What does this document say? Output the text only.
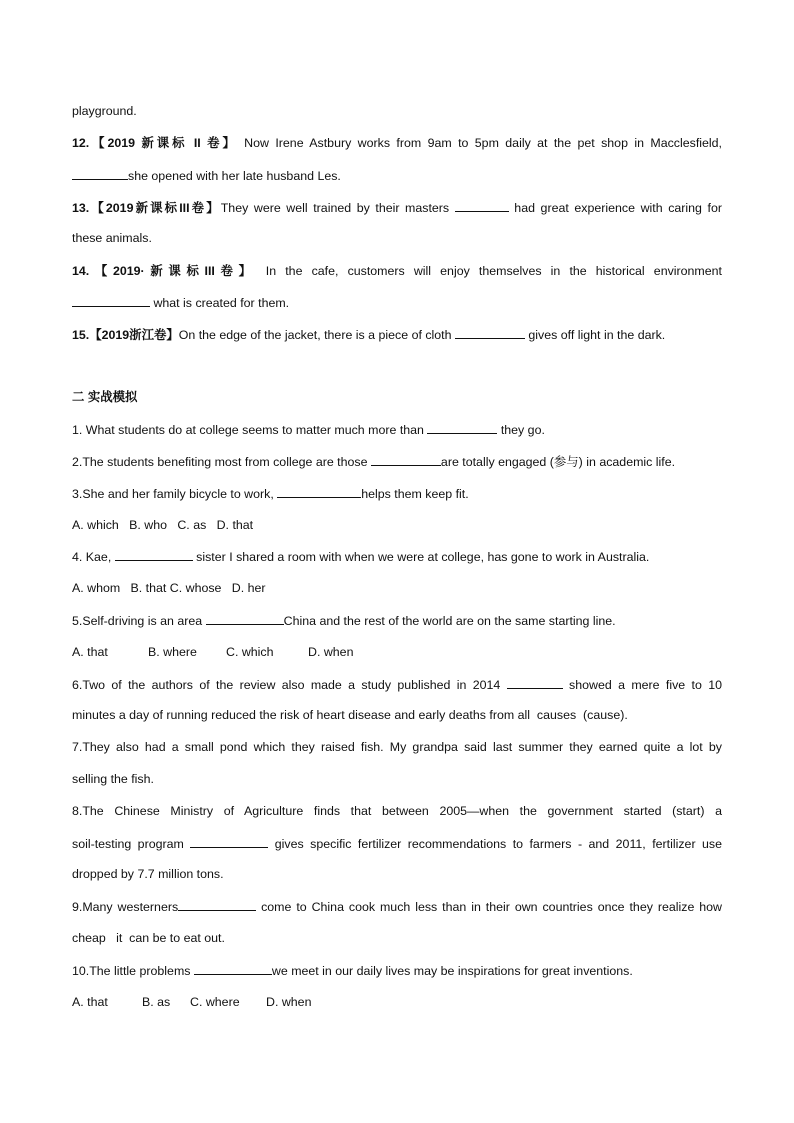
playground.
12.【2019 新课标 II 卷】 Now Irene Astbury works from 9am to 5pm daily at the pet shop in Macclesfield,
she opened with her late husband Les.
13.【2019新课标III卷】They were well trained by their masters	had great experience with caring for
these animals.
14.【2019·新课标III卷】 In the cafe, customers will enjoy themselves in the historical environment
what is created for them.
15.【2019浙江卷】On the edge of the jacket, there is a piece of cloth	gives off light in the dark.
二 实战模拟
1. What students do at college seems to matter much more than	they go.
2.The students benefiting most from college are those	are totally engaged (参与) in academic life.
3.She and her family bicycle to work,	helps them keep fit.
A. which   B. who   C. as   D. that
4. Kae,	sister I shared a room with when we were at college, has gone to work in Australia.
A. whom   B. that C. whose   D. her
5.Self-driving is an area	China and the rest of the world are on the same starting line.
A. that	B. where C. which	D. when
6.Two of the authors of the review also made a study published in 2014	showed a mere five to 10
minutes a day of running reduced the risk of heart disease and early deaths from all  causes  (cause).
7.They also had a small pond which they raised fish. My grandpa said last summer they earned quite a lot by
selling the fish.
8.The Chinese Ministry of Agriculture finds that between 2005—when the government started (start) a
soil-testing program	gives specific fertilizer recommendations to farmers - and 2011, fertilizer use
dropped by 7.7 million tons.
9.Many westerners	come to China cook much less than in their own countries once they realize how
cheap   it  can be to eat out.
10.The little problems	we meet in our daily lives may be inspirations for great inventions.
A. that	B. as C. where D. when
